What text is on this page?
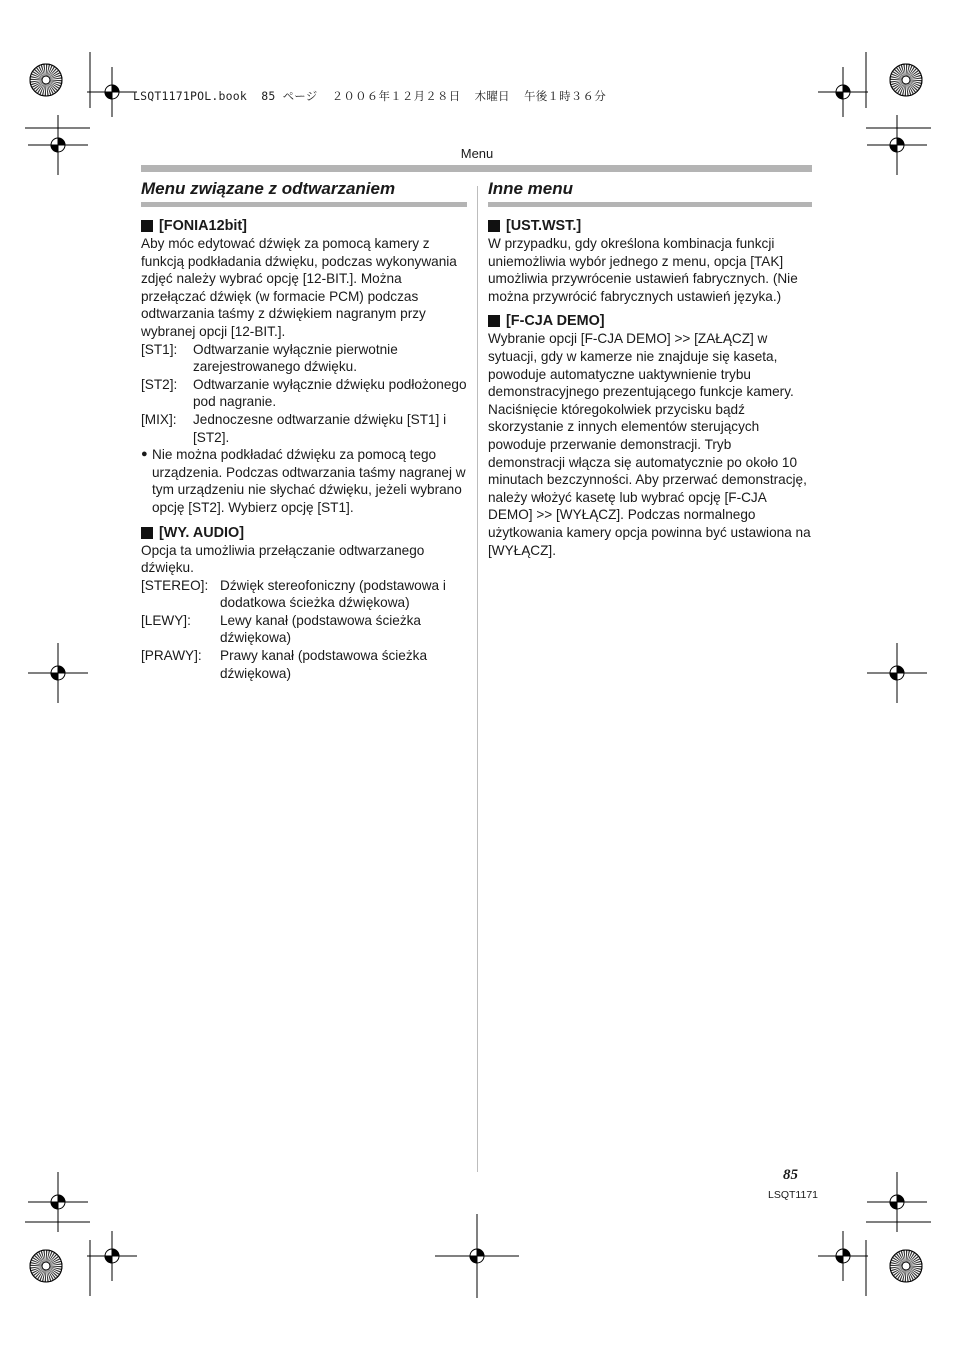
LSQT1171POL.book  85 ページ  ２００６年１２月２８日  木曜日  午後１時３６分
Menu
Menu związane z odtwarzaniem
[FONIA12bit]

Aby móc edytować dźwięk za pomocą kamery z funkcją podkładania dźwięku, podczas wykonywania zdjęć należy wybrać opcję [12-BIT.]. Można przełączać dźwięk (w formacie PCM) podczas odtwarzania taśmy z dźwiękiem nagranym przy wybranej opcji [12-BIT.].

[ST1]:	Odtwarzanie wyłącznie pierwotnie zarejestrowanego dźwięku.
[ST2]:	Odtwarzanie wyłącznie dźwięku podłożonego pod nagranie.
[MIX]:	Jednoczesne odtwarzanie dźwięku [ST1] i [ST2].
● Nie można podkładać dźwięku za pomocą tego urządzenia. Podczas odtwarzania taśmy nagranej w tym urządzeniu nie słychać dźwięku, jeżeli wybrano opcję [ST2]. Wybierz opcję [ST1].
[WY. AUDIO]

Opcja ta umożliwia przełączanie odtwarzanego dźwięku.

[STEREO]: Dźwięk stereofoniczny (podstawowa i dodatkowa ścieżka dźwiękowa)
[LEWY]:	Lewy kanał (podstawowa ścieżka dźwiękowa)
[PRAWY]:	Prawy kanał (podstawowa ścieżka dźwiękowa)
Inne menu
[UST.WST.]

W przypadku, gdy określona kombinacja funkcji uniemożliwia wybór jednego z menu, opcja [TAK] umożliwia przywrócenie ustawień fabrycznych. (Nie można przywrócić fabrycznych ustawień języka.)

[F-CJA DEMO]

Wybranie opcji [F-CJA DEMO] >> [ZAŁĄCZ] w sytuacji, gdy w kamerze nie znajduje się kaseta, powoduje automatyczne uaktywnienie trybu demonstracyjnego prezentującego funkcje kamery. Naciśnięcie któregokolwiek przycisku bądź skorzystanie z innych elementów sterujących powoduje przerwanie demonstracji. Tryb demonstracji włącza się automatycznie po około 10 minutach bezczynności. Aby przerwać demonstrację, należy włożyć kasetę lub wybrać opcję [F-CJA DEMO] >> [WYŁĄCZ]. Podczas normalnego użytkowania kamery opcja powinna być ustawiona na [WYŁĄCZ].

85
LSQT1171
